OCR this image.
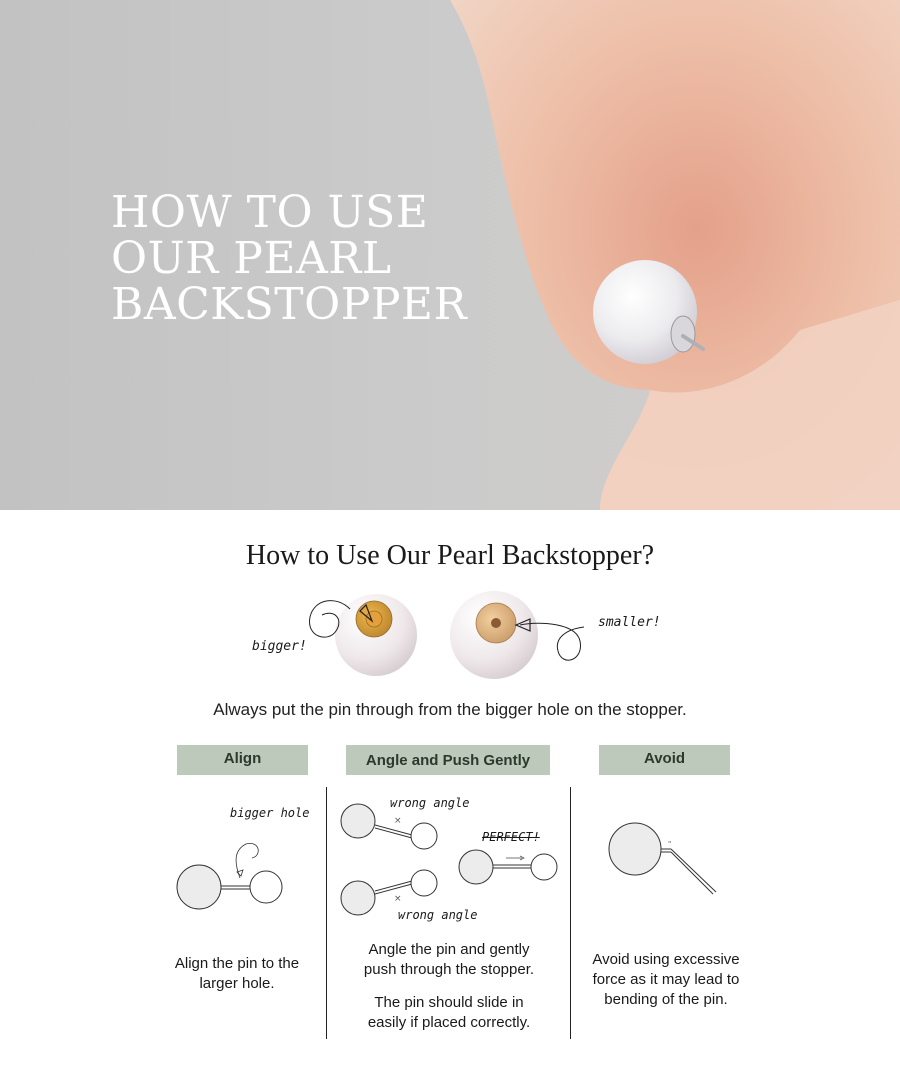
HOW TO USE
OUR PEARL
BACKSTOPPER
How to Use Our Pearl Backstopper?
bigger!
smaller!

Always put the pin through from the bigger hole on the stopper.

Align	Angle and Push Gently	Avoid
bigger hole

Align the pin to the
larger hole.

×
×
wrong angle
wrong angle
PERFECT!

Angle the pin and gently
push through the stopper.

The pin should slide in
easily if placed correctly.

"

Avoid using excessive
force as it may lead to
bending of the pin.
